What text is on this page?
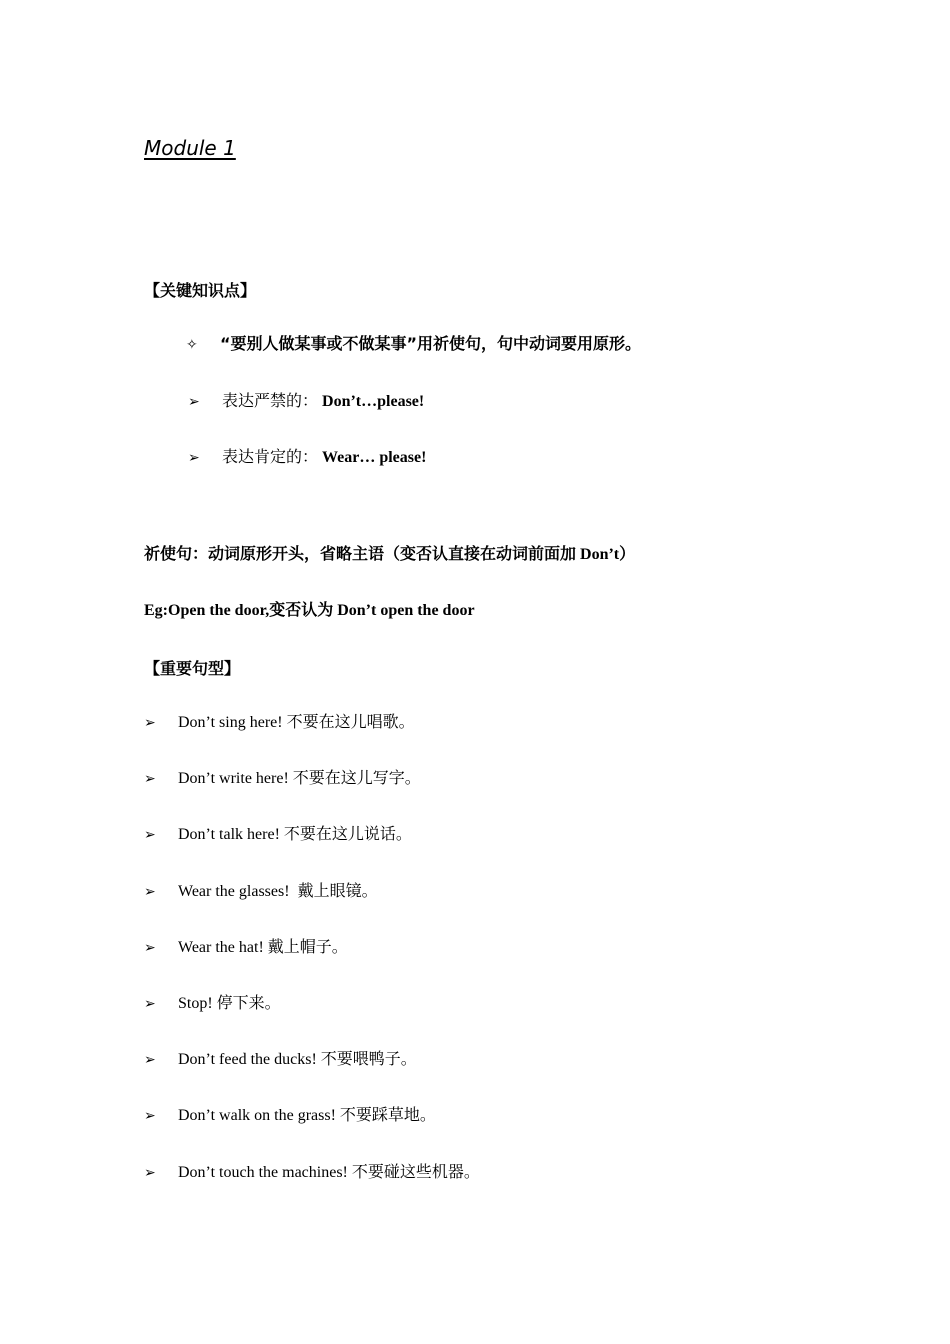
Module 1
【关键知识点】
✧ “要别人做某事或不做某事”用祈使句，句中动词要用原形。
➢ 表达严禁的： Don’t…please!
➢ 表达肯定的： Wear… please!
祈使句：动词原形开头，省略主语（变否认直接在动词前面加 Don’t）
Eg:Open the door,变否认为 Don’t open the door
【重要句型】
➢ Don’t sing here! 不要在这儿唱歌。
➢ Don’t write here! 不要在这儿写字。
➢ Don’t talk here! 不要在这儿说话。
➢ Wear the glasses!  戴上眼镜。
➢ Wear the hat! 戴上帽子。
➢ Stop! 停下来。
➢ Don’t feed the ducks! 不要喂鸭子。
➢ Don’t walk on the grass! 不要踩草地。
➢ Don’t touch the machines! 不要碰这些机器。
